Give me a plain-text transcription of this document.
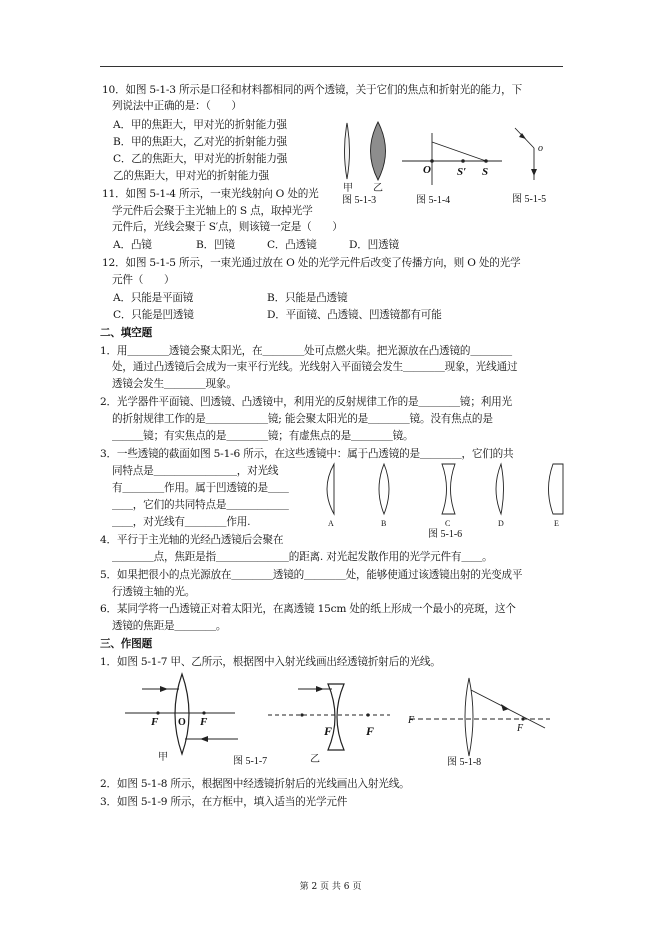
10．如图 5-1-3 所示是口径和材料都相同的两个透镜，关于它们的焦点和折射光的能力，下
列说法中正确的是：（　　）
A．甲的焦距大，甲对光的折射能力强
B．甲的焦距大，乙对光的折射能力强
C．乙的焦距大，甲对光的折射能力强
乙的焦距大，甲对光的折射能力强
11．如图 5-1-4 所示，一束光线射向 O 处的光
学元件后会聚于主光轴上的 S 点，取掉光学
元件后，光线会聚于 S′点，则该镜一定是（　　）
A．凸镜	B．凹镜	C．凸透镜	D．凹透镜
12．如图 5-1-5 所示，一束光通过放在 O 处的光学元件后改变了传播方向，则 O 处的光学
元件（　　）
A．只能是平面镜	B．只能是凸透镜
C．只能是凹透镜	D．平面镜、凸透镜、凹透镜都有可能
二、填空题
1．用＿＿＿＿透镜会聚太阳光，在＿＿＿＿处可点燃火柴。把光源放在凸透镜的＿＿＿＿
处，通过凸透镜后会成为一束平行光线。光线射入平面镜会发生＿＿＿＿现象，光线通过
透镜会发生＿＿＿＿现象。
2．光学器件平面镜、凹透镜、凸透镜中，利用光的反射规律工作的是＿＿＿＿镜；利用光
的折射规律工作的是＿＿＿＿＿＿镜; 能会聚太阳光的是＿＿＿＿镜。没有焦点的是
＿＿＿镜；有实焦点的是＿＿＿＿镜；有虚焦点的是＿＿＿＿镜。
3．一些透镜的截面如图 5-1-6 所示，在这些透镜中：属于凸透镜的是＿＿＿＿，它们的共
同特点是＿＿＿＿＿＿＿＿，对光线
有＿＿＿＿作用。属于凹透镜的是＿＿
＿＿，它们的共同特点是＿＿＿＿＿＿
＿＿，对光线有＿＿＿＿作用.
4．平行于主光轴的光经凸透镜后会聚在
＿＿＿＿点，焦距是指＿＿＿＿＿＿＿的距离. 对光起发散作用的光学元件有＿＿。
5．如果把很小的点光源放在＿＿＿＿透镜的＿＿＿＿处，能够使通过该透镜出射的光变成平
行透镜主轴的光。
6．某同学将一凸透镜正对着太阳光，在离透镜 15cm 处的纸上形成一个最小的亮斑，这个
透镜的焦距是＿＿＿＿。
三、作图题
1．如图 5-1-7 甲、乙所示，根据图中入射光线画出经透镜折射后的光线。
2．如图 5-1-8 所示，根据图中经透镜折射后的光线画出入射光线。
3．如图 5-1-9 所示，在方框中，填入适当的光学元件
甲 乙
图 5-1-3
O S′ S
图 5-1-4
o
图 5-1-5
A	B	C	D	E
图 5-1-6
F O F
甲	图 5-1-7
F	F
乙
F
F
图 5-1-8
第 2 页 共 6 页
